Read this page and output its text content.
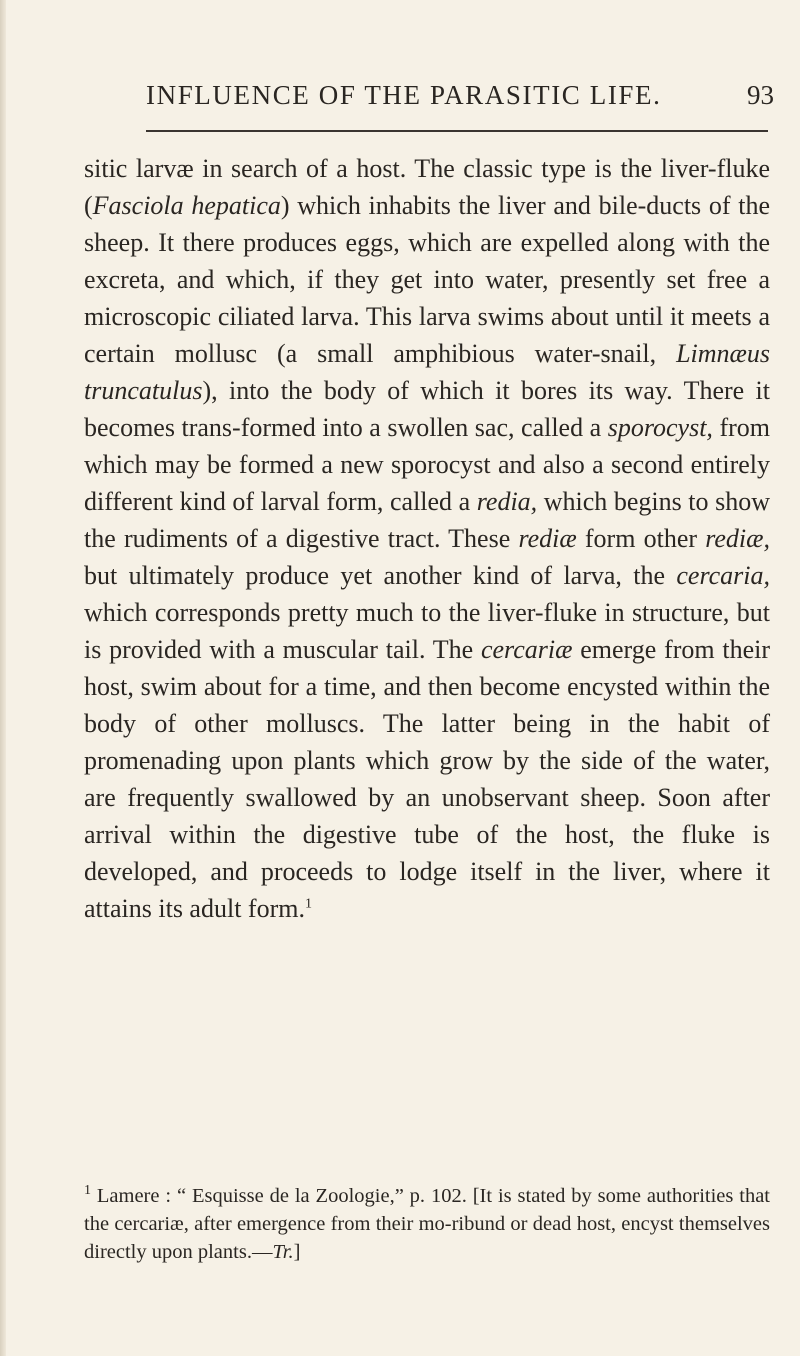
INFLUENCE OF THE PARASITIC LIFE.	93

sitic larvæ in search of a host. The classic type is the liver-fluke (Fasciola hepatica) which inhabits the liver and bile-ducts of the sheep. It there produces eggs, which are expelled along with the excreta, and which, if they get into water, presently set free a microscopic ciliated larva. This larva swims about until it meets a certain mollusc (a small amphibious water-snail, Limnæus truncatulus), into the body of which it bores its way. There it becomes trans-formed into a swollen sac, called a sporocyst, from which may be formed a new sporocyst and also a second entirely different kind of larval form, called a redia, which begins to show the rudiments of a digestive tract. These rediæ form other rediæ, but ultimately produce yet another kind of larva, the cercaria, which corresponds pretty much to the liver-fluke in structure, but is provided with a muscular tail. The cercariæ emerge from their host, swim about for a time, and then become encysted within the body of other molluscs. The latter being in the habit of promenading upon plants which grow by the side of the water, are frequently swallowed by an unobservant sheep. Soon after arrival within the digestive tube of the host, the fluke is developed, and proceeds to lodge itself in the liver, where it attains its adult form.$^1$

$^1$ Lamere : “ Esquisse de la Zoologie,” p. 102. [It is stated by some authorities that the cercariæ, after emergence from their mo-ribund or dead host, encyst themselves directly upon plants.—Tr.]
